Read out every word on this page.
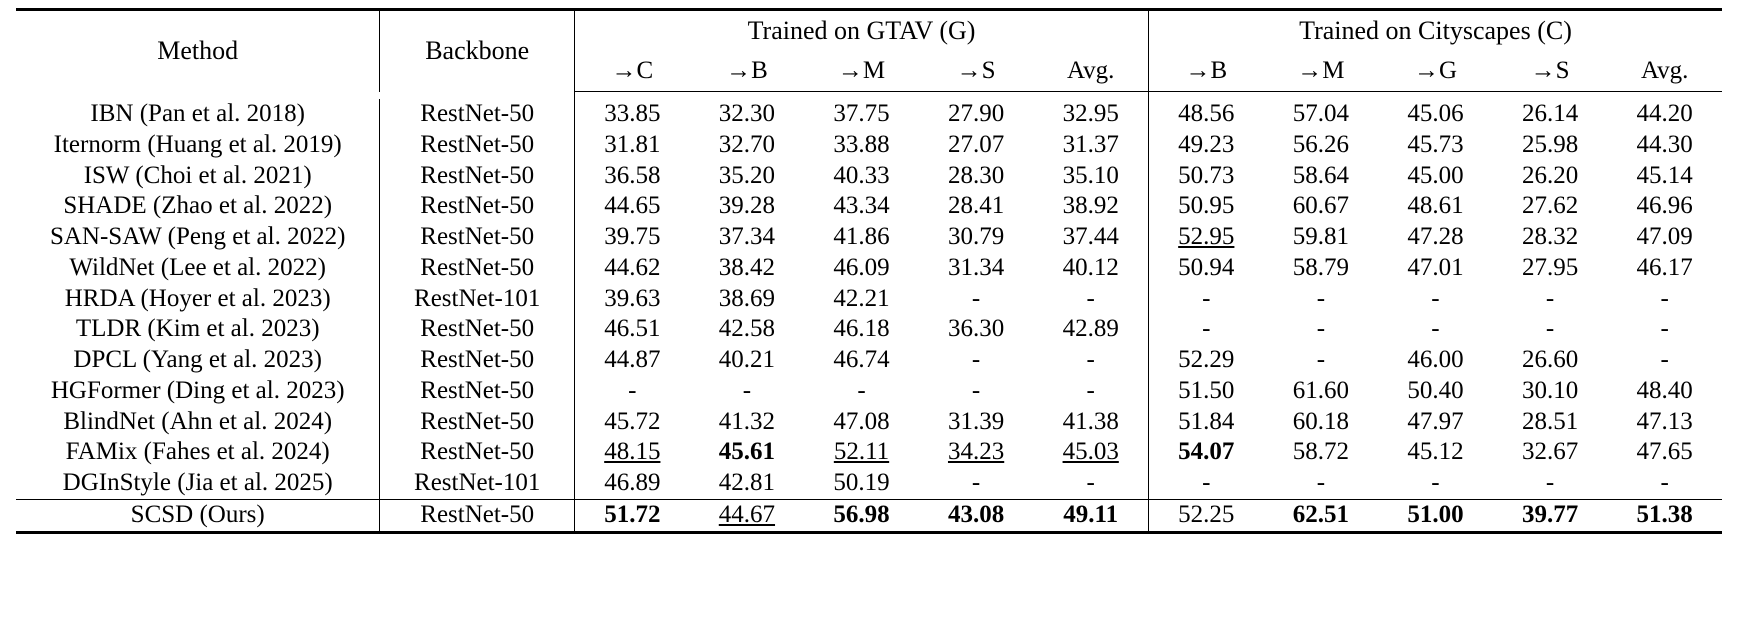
Method	Backbone	Trained on GTAV (G)					Trained on Cityscapes (C)				
		→C	→B	→M	→S	Avg.	→B	→M	→G	→S	Avg.

IBN (Pan et al. 2018)	RestNet-50	33.85	32.30	37.75	27.90	32.95	48.56	57.04	45.06	26.14	44.20
Iternorm (Huang et al. 2019)	RestNet-50	31.81	32.70	33.88	27.07	31.37	49.23	56.26	45.73	25.98	44.30
ISW (Choi et al. 2021)	RestNet-50	36.58	35.20	40.33	28.30	35.10	50.73	58.64	45.00	26.20	45.14
SHADE (Zhao et al. 2022)	RestNet-50	44.65	39.28	43.34	28.41	38.92	50.95	60.67	48.61	27.62	46.96
SAN-SAW (Peng et al. 2022)	RestNet-50	39.75	37.34	41.86	30.79	37.44	52.95	59.81	47.28	28.32	47.09
WildNet (Lee et al. 2022)	RestNet-50	44.62	38.42	46.09	31.34	40.12	50.94	58.79	47.01	27.95	46.17
HRDA (Hoyer et al. 2023)	RestNet-101	39.63	38.69	42.21	-	-	-	-	-	-	-
TLDR (Kim et al. 2023)	RestNet-50	46.51	42.58	46.18	36.30	42.89	-	-	-	-	-
DPCL (Yang et al. 2023)	RestNet-50	44.87	40.21	46.74	-	-	52.29	-	46.00	26.60	-
HGFormer (Ding et al. 2023)	RestNet-50	-	-	-	-	-	51.50	61.60	50.40	30.10	48.40
BlindNet (Ahn et al. 2024)	RestNet-50	45.72	41.32	47.08	31.39	41.38	51.84	60.18	47.97	28.51	47.13
FAMix (Fahes et al. 2024)	RestNet-50	48.15	45.61	52.11	34.23	45.03	54.07	58.72	45.12	32.67	47.65
DGInStyle (Jia et al. 2025)	RestNet-101	46.89	42.81	50.19	-	-	-	-	-	-	-
SCSD (Ours)	RestNet-50	51.72	44.67	56.98	43.08	49.11	52.25	62.51	51.00	39.77	51.38
